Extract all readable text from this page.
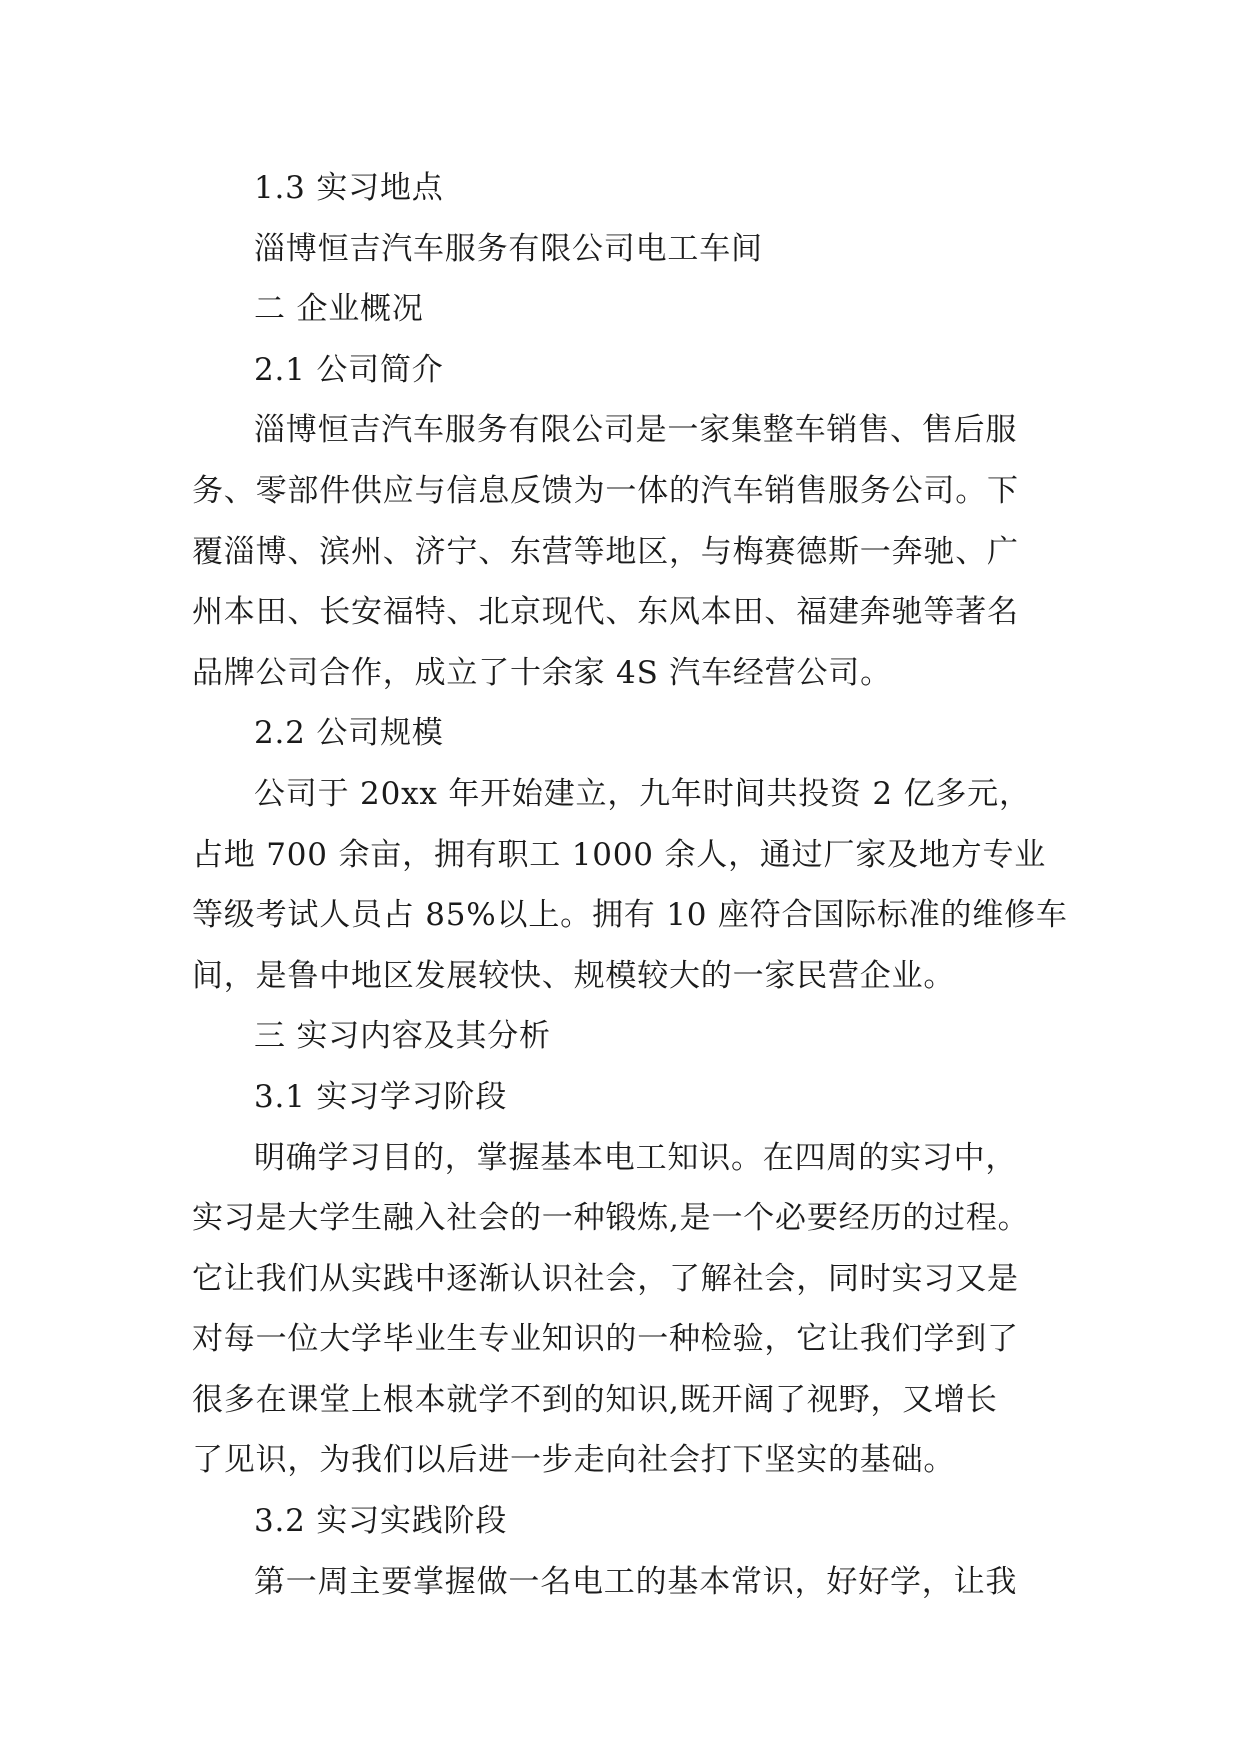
1.3 实习地点

淄博恒吉汽车服务有限公司电工车间

二 企业概况

2.1 公司简介

淄博恒吉汽车服务有限公司是一家集整车销售、售后服

务、零部件供应与信息反馈为一体的汽车销售服务公司。下

覆淄博、滨州、济宁、东营等地区，与梅赛德斯一奔驰、广

州本田、长安福特、北京现代、东风本田、福建奔驰等著名

品牌公司合作，成立了十余家 4S 汽车经营公司。

2.2 公司规模

公司于 20xx 年开始建立，九年时间共投资 2 亿多元，

占地 700 余亩，拥有职工 1000 余人，通过厂家及地方专业

等级考试人员占 85%以上。拥有 10 座符合国际标准的维修车

间，是鲁中地区发展较快、规模较大的一家民营企业。

三 实习内容及其分析

3.1 实习学习阶段

明确学习目的，掌握基本电工知识。在四周的实习中，

实习是大学生融入社会的一种锻炼,是一个必要经历的过程。

它让我们从实践中逐渐认识社会，了解社会，同时实习又是

对每一位大学毕业生专业知识的一种检验，它让我们学到了

很多在课堂上根本就学不到的知识,既开阔了视野，又增长

了见识，为我们以后进一步走向社会打下坚实的基础。

3.2 实习实践阶段

第一周主要掌握做一名电工的基本常识，好好学，让我
